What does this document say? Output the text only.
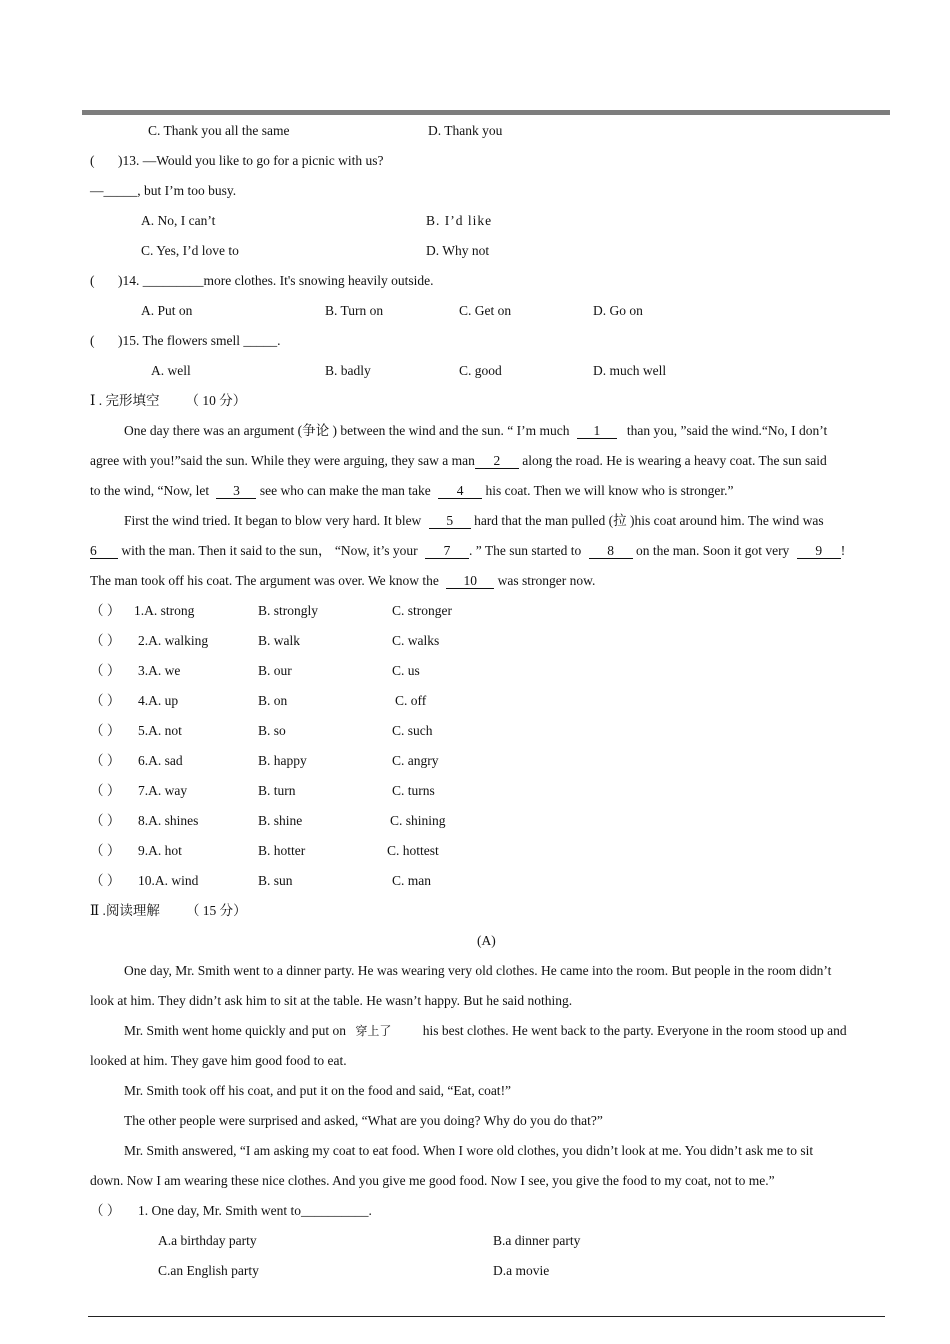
C. Thank you all the same	D. Thank you
( )13. —Would you like to go for a picnic with us?
—_____, but I’m too busy.
A. No, I can’t	B. I’d like
C. Yes, I’d love to	D. Why not
( )14. _________more clothes. It's snowing heavily outside.
A. Put on	B. Turn on	C. Get on	D. Go on
( )15. The flowers smell _____.
A. well	B. badly	C. good	D. much well
Ⅰ . 完形填空 （ 10 分）
One day there was an argument (争论 ) between the wind and the sun. “ I’m much 1 than you, ”said the wind.“No, I don’t
agree with you!”said the sun. While they were arguing, they saw a man 2 along the road. He is wearing a heavy coat. The sun said
to the wind, “Now, let 3 see who can make the man take 4 his coat. Then we will know who is stronger.”
First the wind tried. It began to blow very hard. It blew 5 hard that the man pulled (拉 )his coat around him. The wind was
6 with the man. Then it said to the sun， “Now, it’s your 7 . ” The sun started to 8 on the man. Soon it got very 9 !
The man took off his coat. The argument was over. We know the 10 was stronger now.
（ ） 1.A. strong	B. strongly	C. stronger
（ ） 2.A. walking	B. walk	C. walks
（ ） 3.A. we	B. our	C. us
（ ） 4.A. up	B. on	C. off
（ ） 5.A. not	B. so	C. such
（ ） 6.A. sad	B. happy	C. angry
（ ） 7.A. way	B. turn	C. turns
（ ） 8.A. shines	B. shine	C. shining
（ ） 9.A. hot	B. hotter	C. hottest
（ ） 10.A. wind	B. sun	C. man
Ⅱ .阅读理解 （ 15 分）
(A)
One day, Mr. Smith went to a dinner party. He was wearing very old clothes. He came into the room. But people in the room didn’t
look at him. They didn’t ask him to sit at the table. He wasn’t happy. But he said nothing.
Mr. Smith went home quickly and put on 穿上了 his best clothes. He went back to the party. Everyone in the room stood up and
looked at him. They gave him good food to eat.
Mr. Smith took off his coat, and put it on the food and said, “Eat, coat!”
The other people were surprised and asked, “What are you doing? Why do you do that?”
Mr. Smith answered, “I am asking my coat to eat food. When I wore old clothes, you didn’t look at me. You didn’t ask me to sit
down. Now I am wearing these nice clothes. And you give me good food. Now I see, you give the food to my coat, not to me.”
（ ） 1. One day, Mr. Smith went to__________.
A.a birthday party	B.a dinner party
C.an English party	D.a movie
